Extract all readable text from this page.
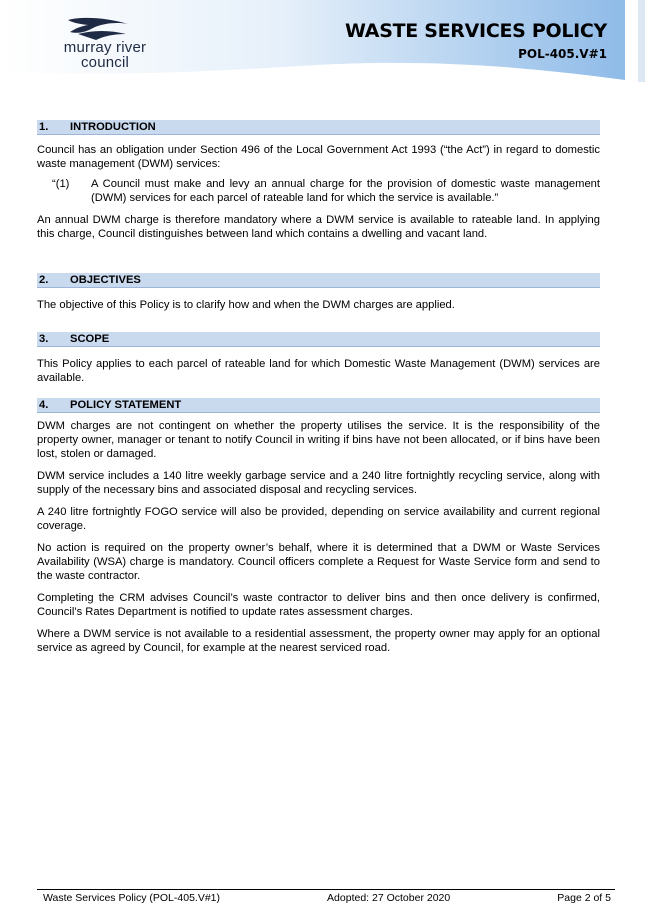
murray river
council
WASTE SERVICES POLICY
POL-405.V#1
1.	INTRODUCTION

Council has an obligation under Section 496 of the Local Government Act 1993 (“the Act”) in regard to domestic waste management (DWM) services:

“(1)	A Council must make and levy an annual charge for the provision of domestic waste management (DWM) services for each parcel of rateable land for which the service is available.”

An annual DWM charge is therefore mandatory where a DWM service is available to rateable land. In applying this charge, Council distinguishes between land which contains a dwelling and vacant land.

2.	OBJECTIVES

The objective of this Policy is to clarify how and when the DWM charges are applied.

3.	SCOPE

This Policy applies to each parcel of rateable land for which Domestic Waste Management (DWM) services are available.

4.	POLICY STATEMENT

DWM charges are not contingent on whether the property utilises the service. It is the responsibility of the property owner, manager or tenant to notify Council in writing if bins have not been allocated, or if bins have been lost, stolen or damaged.

DWM service includes a 140 litre weekly garbage service and a 240 litre fortnightly recycling service, along with supply of the necessary bins and associated disposal and recycling services.

A 240 litre fortnightly FOGO service will also be provided, depending on service availability and current regional coverage.

No action is required on the property owner’s behalf, where it is determined that a DWM or Waste Services Availability (WSA) charge is mandatory. Council officers complete a Request for Waste Service form and send to the waste contractor.

Completing the CRM advises Council’s waste contractor to deliver bins and then once delivery is confirmed, Council’s Rates Department is notified to update rates assessment charges.

Where a DWM service is not available to a residential assessment, the property owner may apply for an optional service as agreed by Council, for example at the nearest serviced road.

Waste Services Policy (POL-405.V#1)	Adopted: 27 October 2020	Page 2 of 5
